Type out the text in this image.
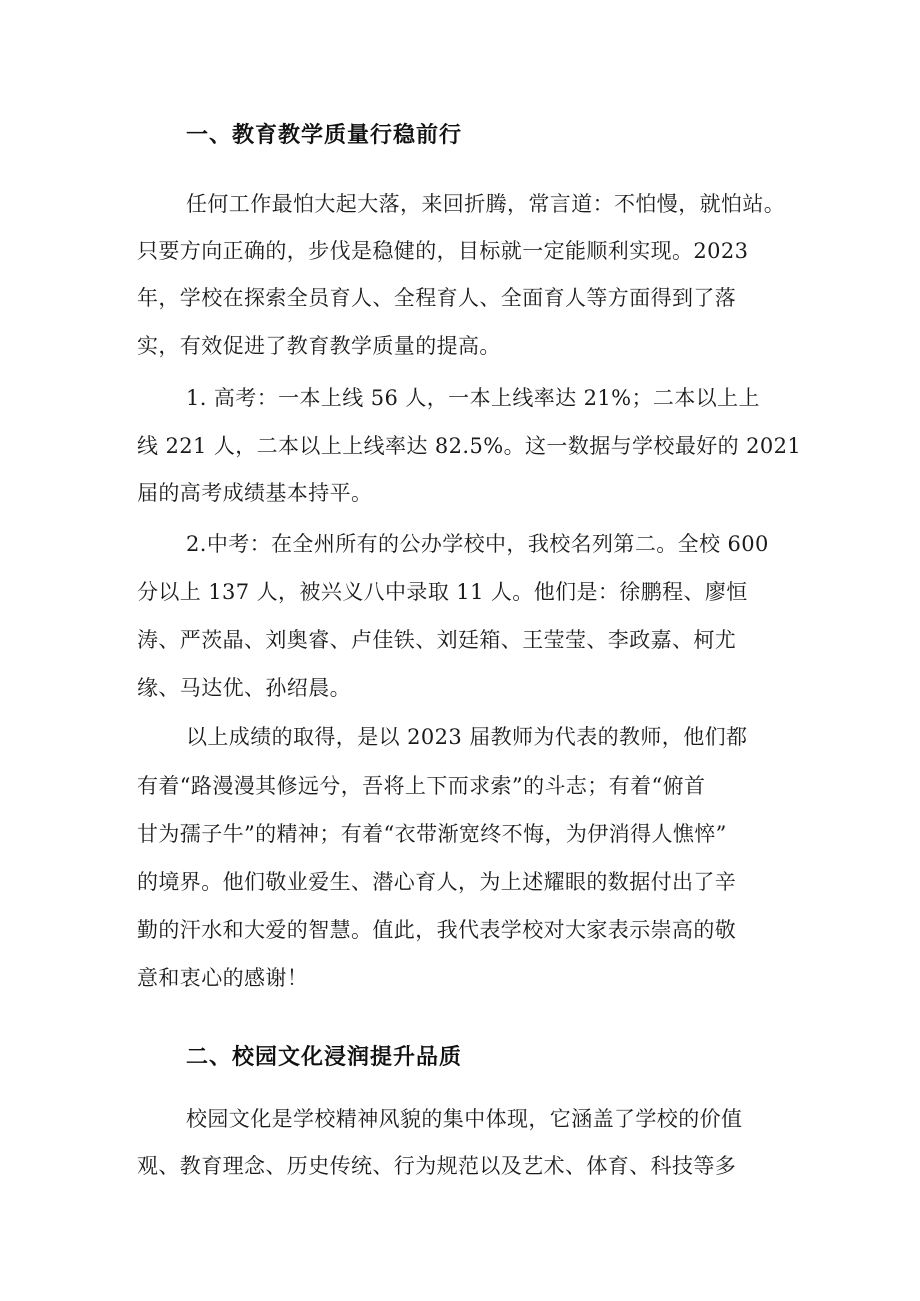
一、教育教学质量行稳前行
任何工作最怕大起大落，来回折腾，常言道：不怕慢，就怕站。
只要方向正确的，步伐是稳健的，目标就一定能顺利实现。2023
年，学校在探索全员育人、全程育人、全面育人等方面得到了落
实，有效促进了教育教学质量的提高。
1. 高考：一本上线 56 人，一本上线率达 21%；二本以上上
线 221 人，二本以上上线率达 82.5%。这一数据与学校最好的 2021
届的高考成绩基本持平。
2.中考：在全州所有的公办学校中，我校名列第二。全校 600
分以上 137 人，被兴义八中录取 11 人。他们是：徐鹏程、廖恒
涛、严茨晶、刘奥睿、卢佳铁、刘廷箱、王莹莹、李政嘉、柯尤
缘、马达优、孙绍晨。
以上成绩的取得，是以 2023 届教师为代表的教师，他们都
有着“路漫漫其修远兮，吾将上下而求索”的斗志；有着“俯首
甘为孺子牛”的精神；有着“衣带渐宽终不悔，为伊消得人憔悴”
的境界。他们敬业爱生、潜心育人，为上述耀眼的数据付出了辛
勤的汗水和大爱的智慧。值此，我代表学校对大家表示崇高的敬
意和衷心的感谢！
二、校园文化浸润提升品质
校园文化是学校精神风貌的集中体现，它涵盖了学校的价值
观、教育理念、历史传统、行为规范以及艺术、体育、科技等多
